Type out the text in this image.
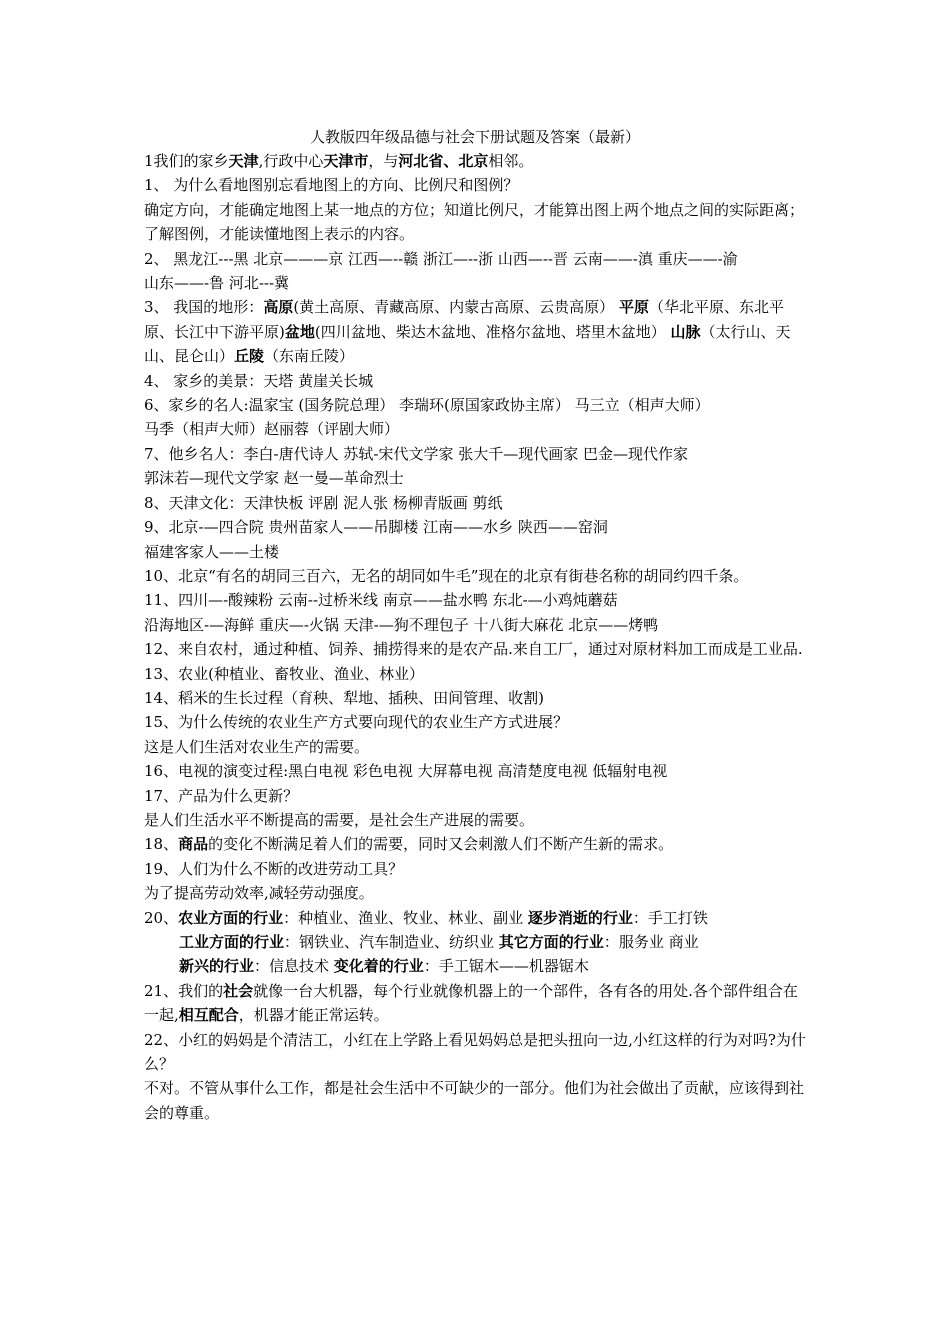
人教版四年级品德与社会下册试题及答案（最新）

1我们的家乡天津,行政中心天津市，与河北省、北京相邻。

1、 为什么看地图别忘看地图上的方向、比例尺和图例？

确定方向，才能确定地图上某一地点的方位；知道比例尺，才能算出图上两个地点之间的实际距离；了解图例，才能读懂地图上表示的内容。

2、 黑龙江---黑 北京———京 江西—--赣 浙江—--浙 山西—--晋 云南——-滇 重庆——-渝

山东——-鲁 河北---冀

3、 我国的地形：高原(黄土高原、青藏高原、内蒙古高原、云贵高原） 平原（华北平原、东北平原、长江中下游平原)盆地(四川盆地、柴达木盆地、准格尔盆地、塔里木盆地） 山脉（太行山、天山、昆仑山）丘陵（东南丘陵）

4、 家乡的美景：天塔 黄崖关长城

6、家乡的名人:温家宝 (国务院总理） 李瑞环(原国家政协主席） 马三立（相声大师）

马季（相声大师）赵丽蓉（评剧大师）

7、他乡名人：李白-唐代诗人 苏轼-宋代文学家 张大千—现代画家 巴金—现代作家

郭沫若—现代文学家 赵一曼—革命烈士

8、天津文化：天津快板 评剧 泥人张 杨柳青版画 剪纸

9、北京-—四合院 贵州苗家人——吊脚楼 江南——水乡 陕西——窑洞

福建客家人——土楼

10、北京“有名的胡同三百六，无名的胡同如牛毛”现在的北京有街巷名称的胡同约四千条。

11、四川—-酸辣粉 云南--过桥米线 南京——盐水鸭 东北-—小鸡炖蘑菇

沿海地区-—海鲜 重庆—-火锅 天津-—狗不理包子 十八街大麻花 北京——烤鸭

12、来自农村，通过种植、饲养、捕捞得来的是农产品.来自工厂，通过对原材料加工而成是工业品.

13、农业(种植业、畜牧业、渔业、林业）

14、稻米的生长过程（育秧、犁地、插秧、田间管理、收割)

15、为什么传统的农业生产方式要向现代的农业生产方式进展？

这是人们生活对农业生产的需要。

16、电视的演变过程:黑白电视 彩色电视 大屏幕电视 高清楚度电视 低辐射电视

17、产品为什么更新？

是人们生活水平不断提高的需要，是社会生产进展的需要。

18、商品的变化不断满足着人们的需要，同时又会刺激人们不断产生新的需求。

19、人们为什么不断的改进劳动工具？

为了提高劳动效率,减轻劳动强度。

20、农业方面的行业：种植业、渔业、牧业、林业、副业 逐步消逝的行业：手工打铁

工业方面的行业：钢铁业、汽车制造业、纺织业 其它方面的行业：服务业 商业

新兴的行业：信息技术 变化着的行业：手工锯木——机器锯木

21、我们的社会就像一台大机器，每个行业就像机器上的一个部件，各有各的用处.各个部件组合在一起,相互配合，机器才能正常运转。

22、小红的妈妈是个清洁工，小红在上学路上看见妈妈总是把头扭向一边,小红这样的行为对吗?为什么？

不对。不管从事什么工作，都是社会生活中不可缺少的一部分。他们为社会做出了贡献，应该得到社会的尊重。
